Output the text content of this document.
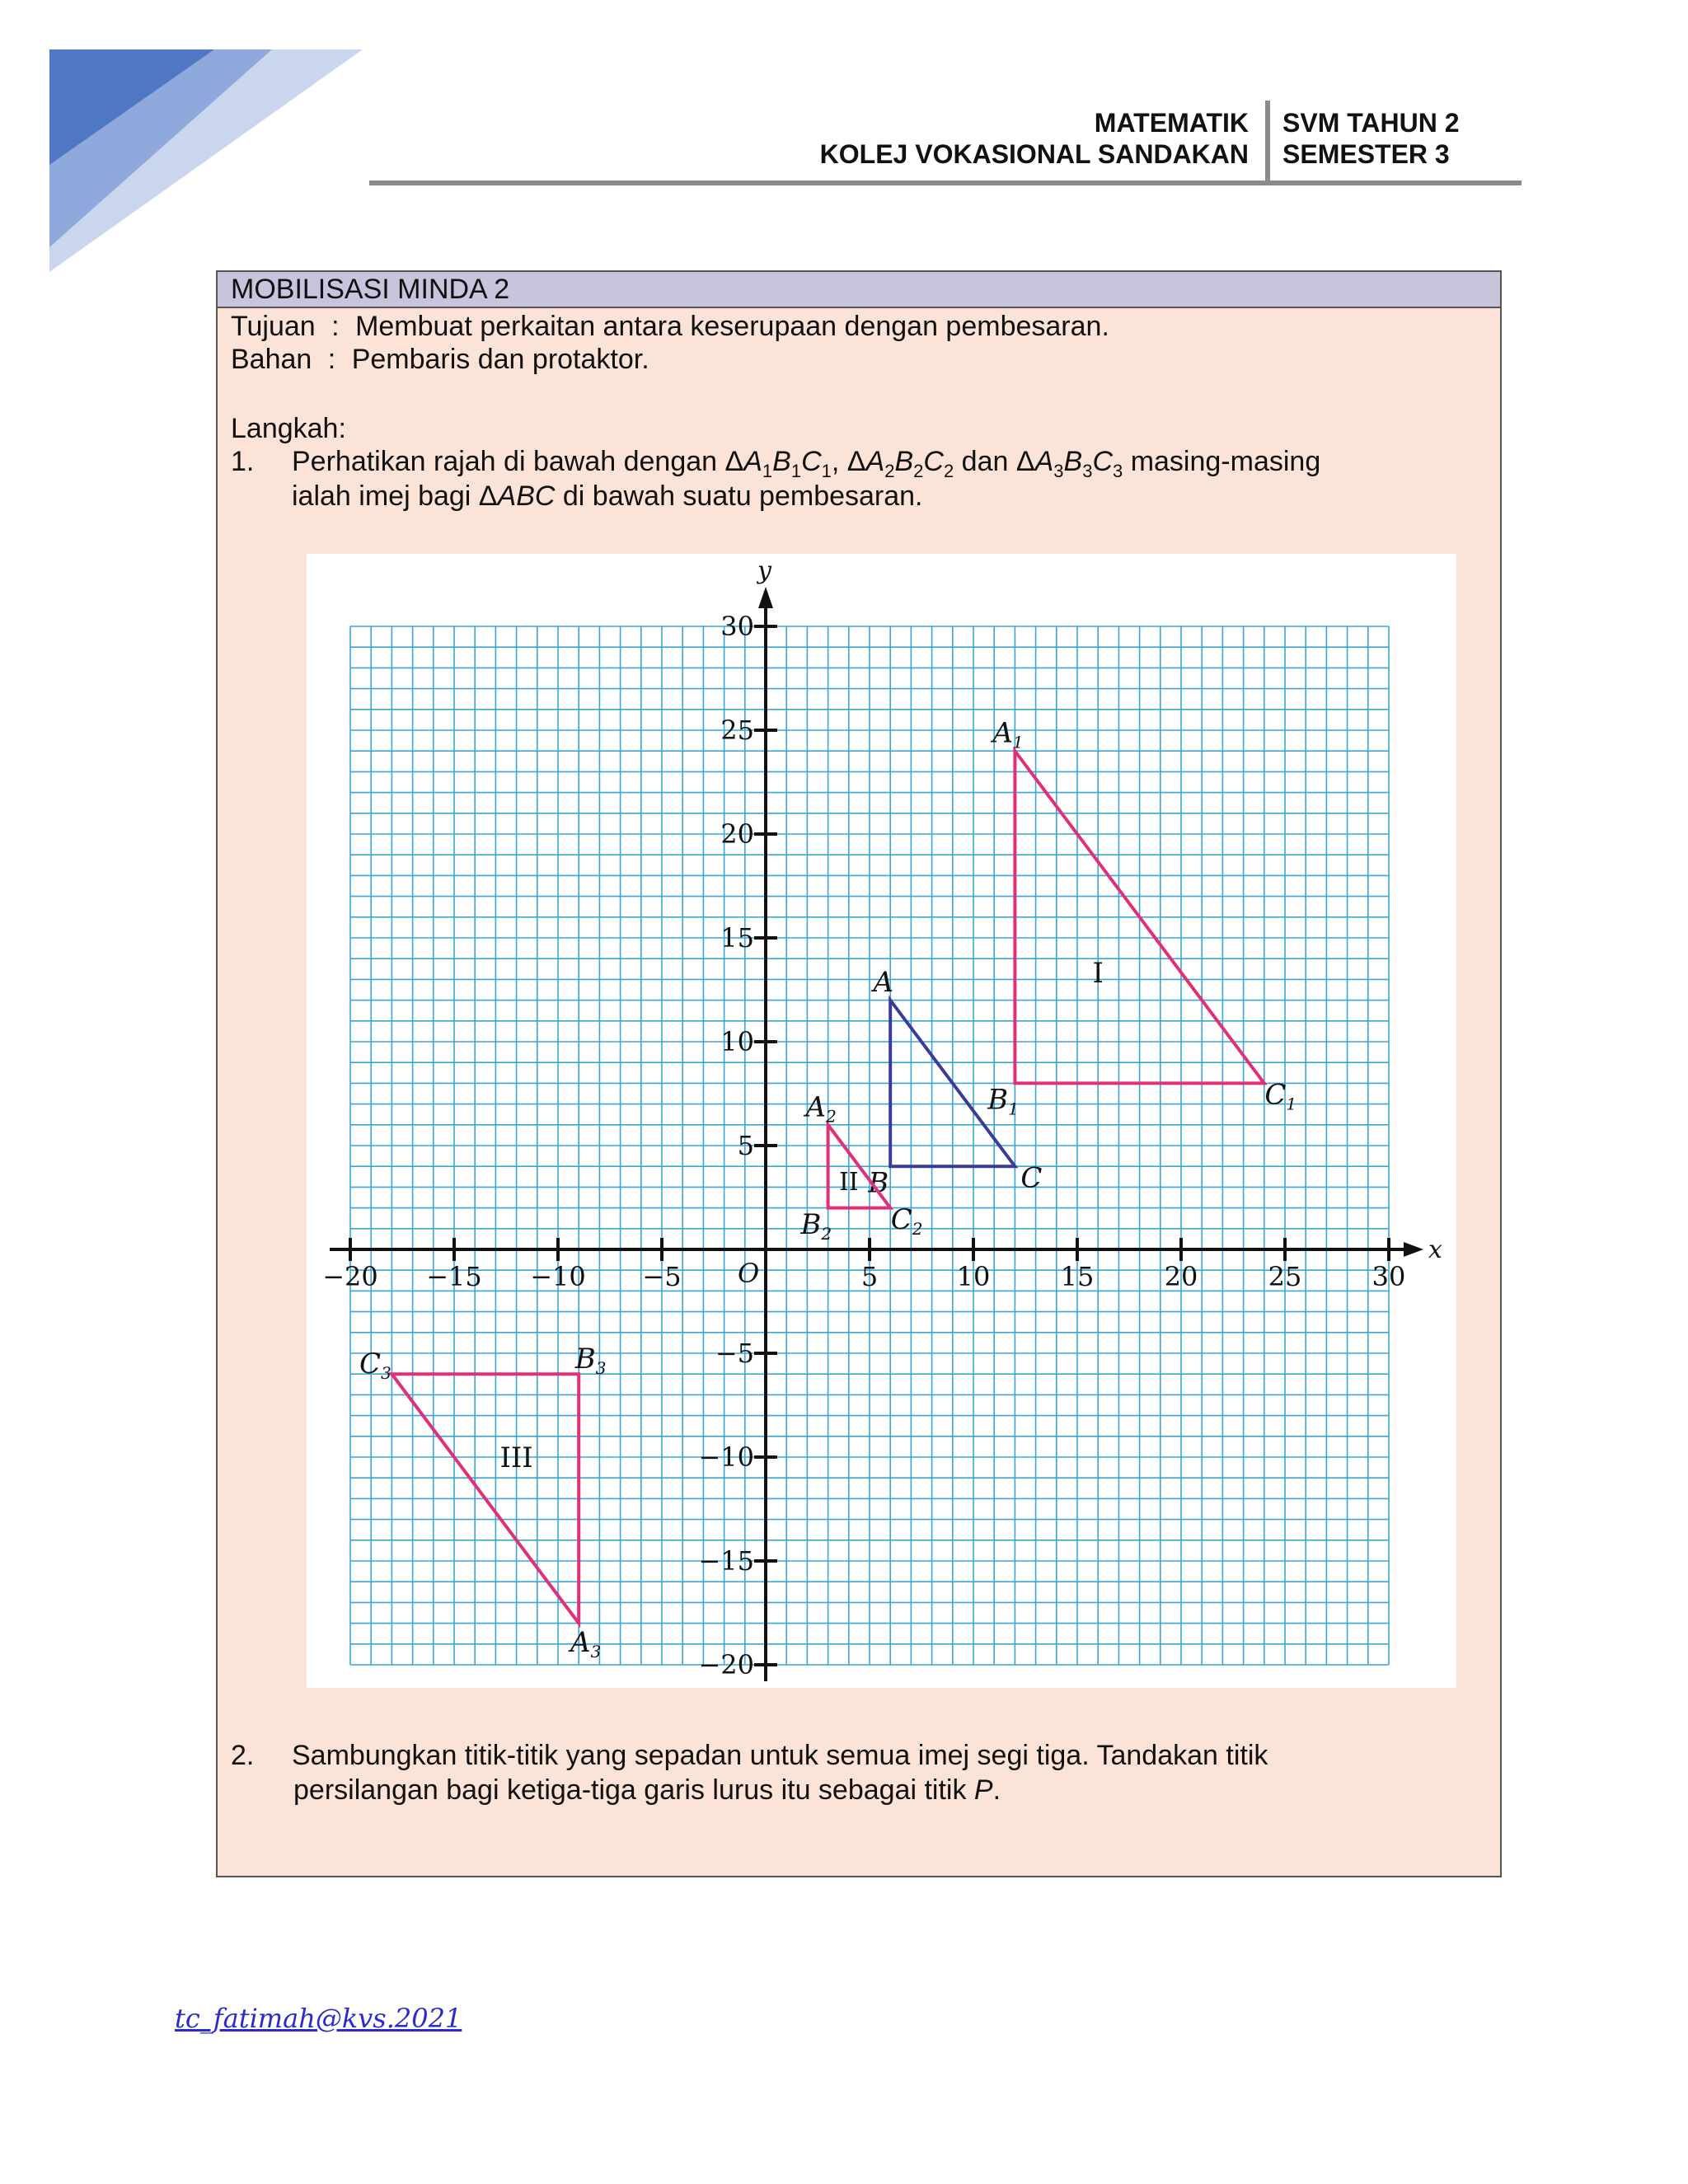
MATEMATIK
KOLEJ VOKASIONAL SANDAKAN
SVM TAHUN 2
SEMESTER 3
MOBILISASI MINDA 2
Tujuan : Membuat perkaitan antara keserupaan dengan pembesaran.
Bahan : Pembaris dan protaktor.
Langkah:
1. Perhatikan rajah di bawah dengan $\Delta A_1B_1C_1$, $\Delta A_2B_2C_2$ dan $\Delta A_3B_3C_3$ masing-masing
ialah imej bagi ΔABC di bawah suatu pembesaran.
2. Sambungkan titik-titik yang sepadan untuk semua imej segi tiga. Tandakan titik
persilangan bagi ketiga-tiga garis lurus itu sebagai titik P.
x
y
O
−20 −15 −10 −5	5	10	15	20	25	30
−20
−15
−10
−5
5
10
15
20
25
30
A
B	C
$A_1$
$B_1$	$C_1$
I
$A_2$
$B_2$ $C_2$
II
$A_3$
$B_3$
$C_3$
III
tc_fatimah@kvs.2021
